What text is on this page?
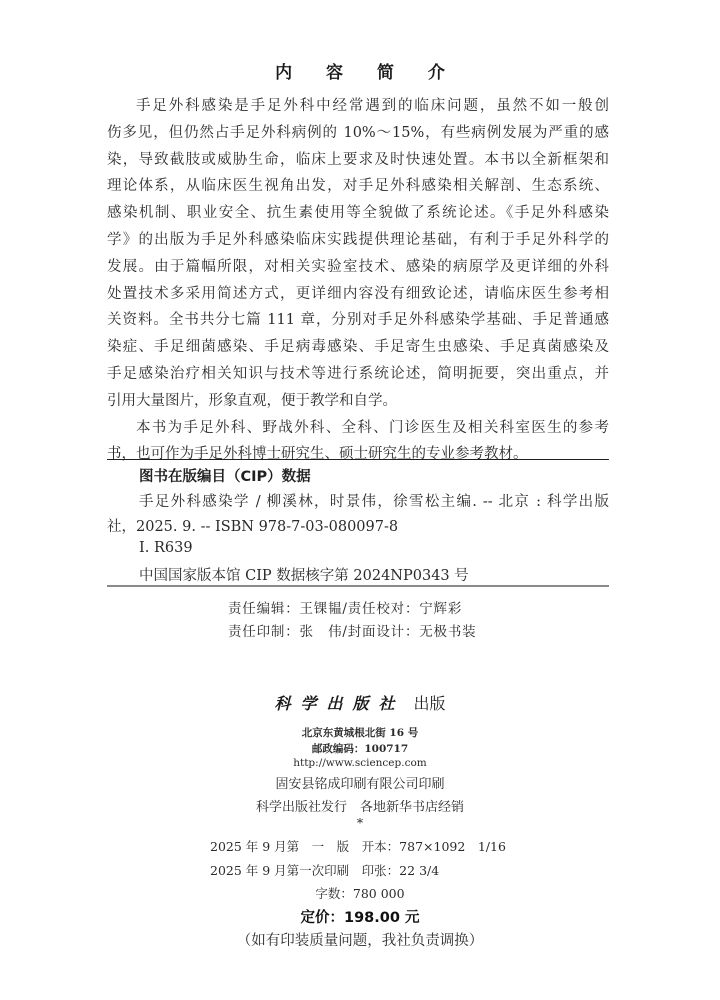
内 容 简 介
手足外科感染是手足外科中经常遇到的临床问题，虽然不如一般创
伤多见，但仍然占手足外科病例的 10%～15%，有些病例发展为严重的感
染，导致截肢或威胁生命，临床上要求及时快速处置。本书以全新框架和
理论体系，从临床医生视角出发，对手足外科感染相关解剖、生态系统、
感染机制、职业安全、抗生素使用等全貌做了系统论述。《手足外科感染
学》的出版为手足外科感染临床实践提供理论基础，有利于手足外科学的
发展。由于篇幅所限，对相关实验室技术、感染的病原学及更详细的外科
处置技术多采用简述方式，更详细内容没有细致论述，请临床医生参考相
关资料。全书共分七篇 111 章，分别对手足外科感染学基础、手足普通感
染症、手足细菌感染、手足病毒感染、手足寄生虫感染、手足真菌感染及
手足感染治疗相关知识与技术等进行系统论述，简明扼要，突出重点，并
引用大量图片，形象直观，便于教学和自学。
本书为手足外科、野战外科、全科、门诊医生及相关科室医生的参考
书，也可作为手足外科博士研究生、硕士研究生的专业参考教材。
图书在版编目（CIP）数据
手足外科感染学 / 柳溪林，时景伟，徐雪松主编. -- 北京 : 科学出版
社，2025. 9. -- ISBN 978-7-03-080097-8
Ⅰ. R639
中国国家版本馆 CIP 数据核字第 2024NP0343 号
责任编辑：王锞韫/责任校对：宁辉彩
责任印制：张　伟/封面设计：无极书装
科学出版社 出版
北京东黄城根北街 16 号
邮政编码：100717
http://www.sciencep.com
固安县铭成印刷有限公司印刷
科学出版社发行　各地新华书店经销
*
2025 年 9 月第　一　版　开本：787×1092　1/16
2025 年 9 月第一次印刷　印张：22 3/4
字数：780 000
定价：198.00 元
（如有印装质量问题，我社负责调换）
